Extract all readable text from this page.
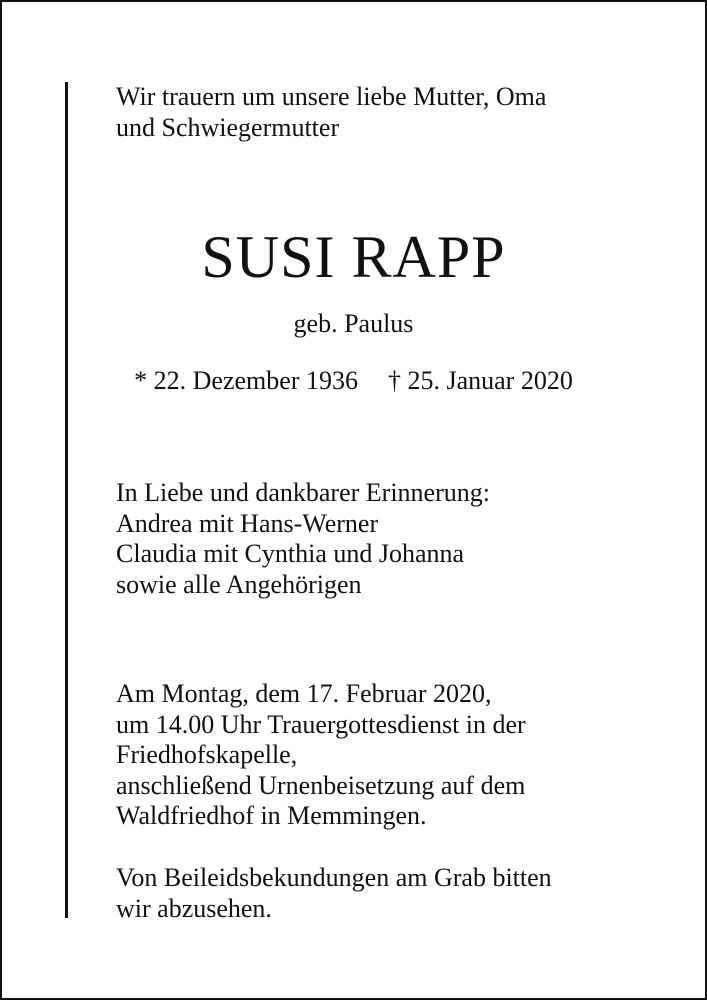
Wir trauern um unsere liebe Mutter, Oma
und Schwiegermutter
SUSI RAPP
geb. Paulus
* 22. Dezember 1936 † 25. Januar 2020
In Liebe und dankbarer Erinnerung:
Andrea mit Hans-Werner
Claudia mit Cynthia und Johanna
sowie alle Angehörigen
Am Montag, dem 17. Februar 2020,
um 14.00 Uhr Trauergottesdienst in der
Friedhofskapelle,
anschließend Urnenbeisetzung auf dem
Waldfriedhof in Memmingen.
Von Beileidsbekundungen am Grab bitten
wir abzusehen.
